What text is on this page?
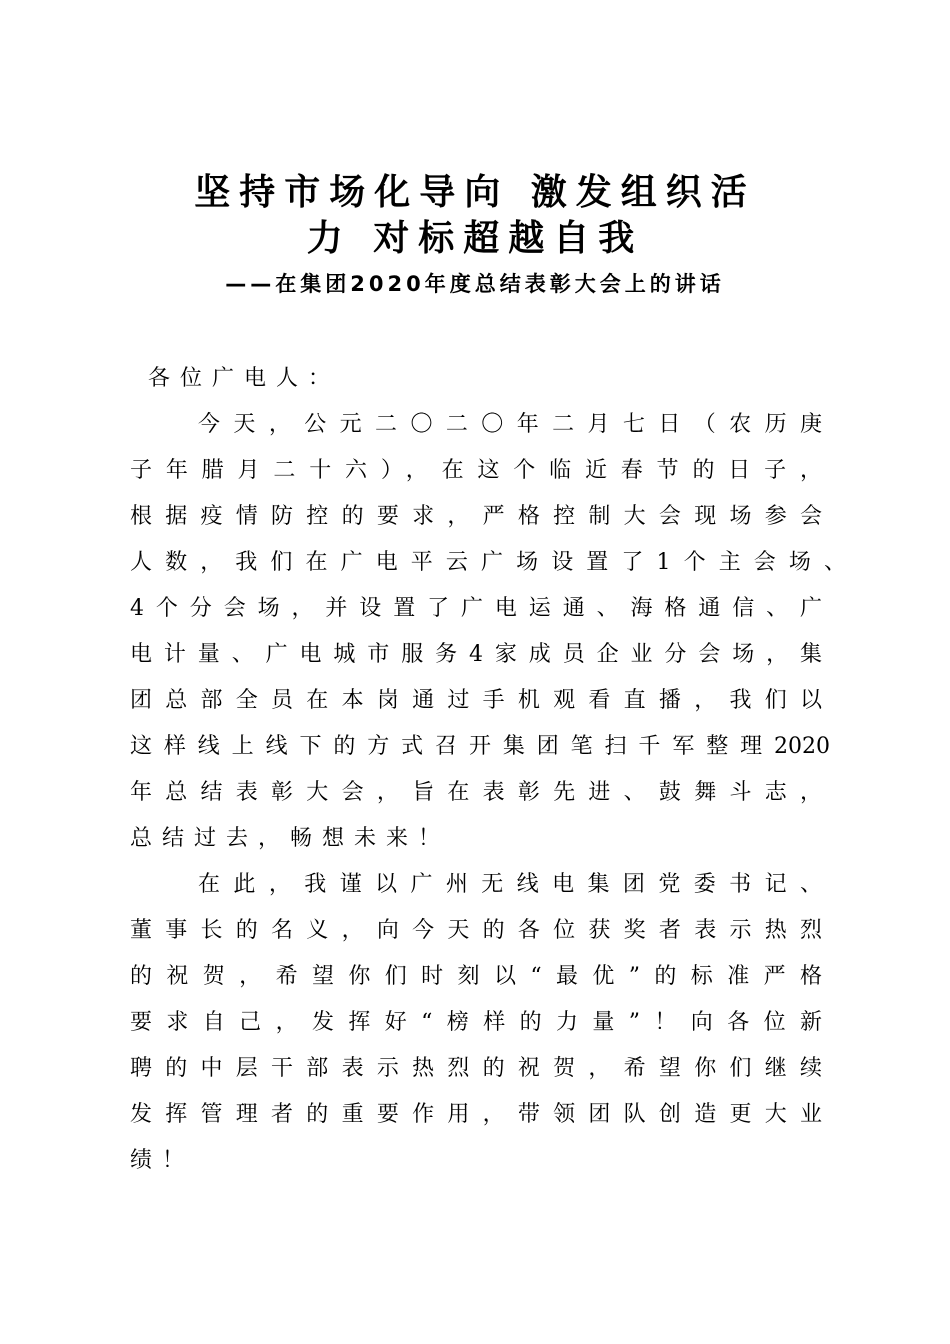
坚持市场化导向 激发组织活
力 对标超越自我
——在集团2020年度总结表彰大会上的讲话
各位广电人：
今天，公元二〇二〇年二月七日（农历庚
子年腊月二十六），在这个临近春节的日子，
根据疫情防控的要求，严格控制大会现场参会
人数，我们在广电平云广场设置了1个主会场、
4个分会场，并设置了广电运通、海格通信、广
电计量、广电城市服务4家成员企业分会场，集
团总部全员在本岗通过手机观看直播，我们以
这样线上线下的方式召开集团笔扫千军整理2020
年总结表彰大会，旨在表彰先进、鼓舞斗志，
总结过去，畅想未来！
在此，我谨以广州无线电集团党委书记、
董事长的名义，向今天的各位获奖者表示热烈
的祝贺，希望你们时刻以“最优”的标准严格
要求自己，发挥好“榜样的力量”！向各位新
聘的中层干部表示热烈的祝贺，希望你们继续
发挥管理者的重要作用，带领团队创造更大业
绩！
